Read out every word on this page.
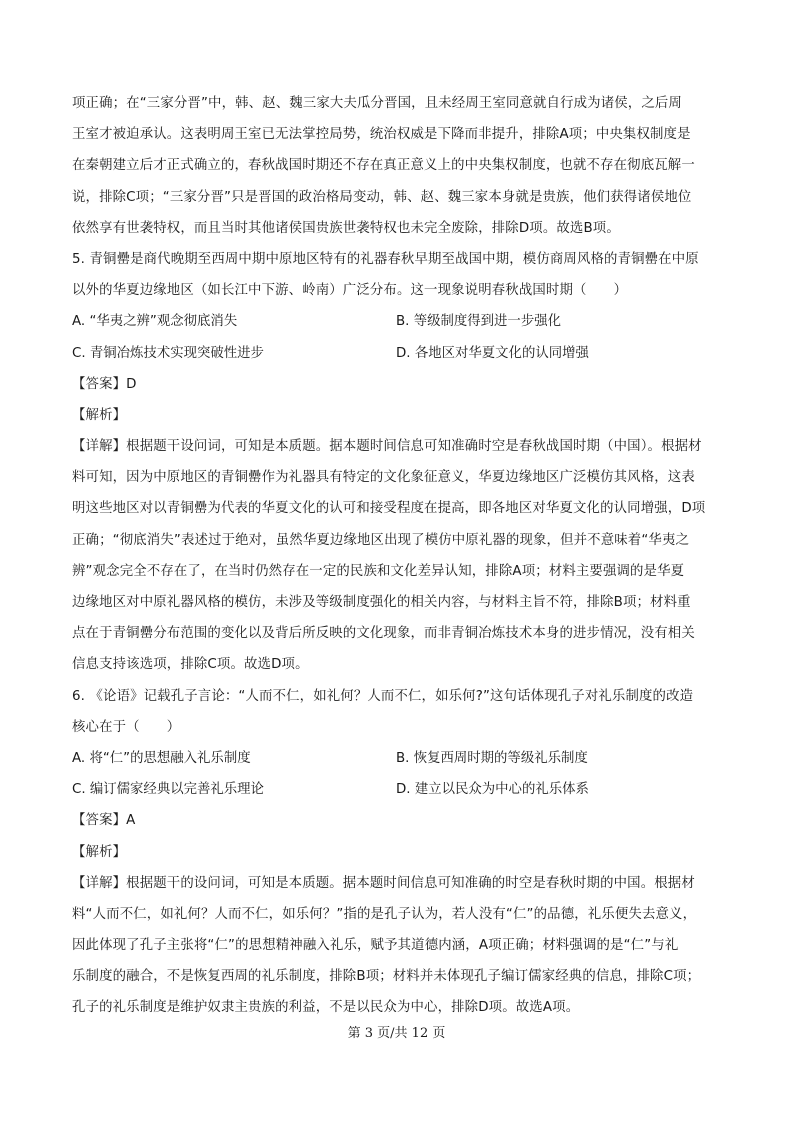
项正确；在“三家分晋”中，韩、赵、魏三家大夫瓜分晋国，且未经周王室同意就自行成为诸侯，之后周
王室才被迫承认。这表明周王室已无法掌控局势，统治权威是下降而非提升，排除A项；中央集权制度是
在秦朝建立后才正式确立的，春秋战国时期还不存在真正意义上的中央集权制度，也就不存在彻底瓦解一
说，排除C项；“三家分晋”只是晋国的政治格局变动，韩、赵、魏三家本身就是贵族，他们获得诸侯地位
依然享有世袭特权，而且当时其他诸侯国贵族世袭特权也未完全废除，排除D项。故选B项。
5. 青铜罍是商代晚期至西周中期中原地区特有的礼器春秋早期至战国中期，模仿商周风格的青铜罍在中原
以外的华夏边缘地区（如长江中下游、岭南）广泛分布。这一现象说明春秋战国时期（　　）
A. “华夷之辨”观念彻底消失	B. 等级制度得到进一步强化
C. 青铜冶炼技术实现突破性进步	D. 各地区对华夏文化的认同增强
【答案】D
【解析】
【详解】根据题干设问词，可知是本质题。据本题时间信息可知准确时空是春秋战国时期（中国）。根据材
料可知，因为中原地区的青铜罍作为礼器具有特定的文化象征意义，华夏边缘地区广泛模仿其风格，这表
明这些地区对以青铜罍为代表的华夏文化的认可和接受程度在提高，即各地区对华夏文化的认同增强，D项
正确；“彻底消失”表述过于绝对，虽然华夏边缘地区出现了模仿中原礼器的现象，但并不意味着“华夷之
辨”观念完全不存在了，在当时仍然存在一定的民族和文化差异认知，排除A项；材料主要强调的是华夏
边缘地区对中原礼器风格的模仿，未涉及等级制度强化的相关内容，与材料主旨不符，排除B项；材料重
点在于青铜罍分布范围的变化以及背后所反映的文化现象，而非青铜冶炼技术本身的进步情况，没有相关
信息支持该选项，排除C项。故选D项。
6. 《论语》记载孔子言论：“人而不仁，如礼何？人而不仁，如乐何?”这句话体现孔子对礼乐制度的改造
核心在于（　　）
A. 将“仁”的思想融入礼乐制度	B. 恢复西周时期的等级礼乐制度
C. 编订儒家经典以完善礼乐理论	D. 建立以民众为中心的礼乐体系
【答案】A
【解析】
【详解】根据题干的设问词，可知是本质题。据本题时间信息可知准确的时空是春秋时期的中国。根据材
料“人而不仁，如礼何？人而不仁，如乐何？”指的是孔子认为，若人没有“仁”的品德，礼乐便失去意义，
因此体现了孔子主张将“仁”的思想精神融入礼乐，赋予其道德内涵，A项正确；材料强调的是“仁”与礼
乐制度的融合，不是恢复西周的礼乐制度，排除B项；材料并未体现孔子编订儒家经典的信息，排除C项；
孔子的礼乐制度是维护奴隶主贵族的利益，不是以民众为中心，排除D项。故选A项。
第 3 页/共 12 页
